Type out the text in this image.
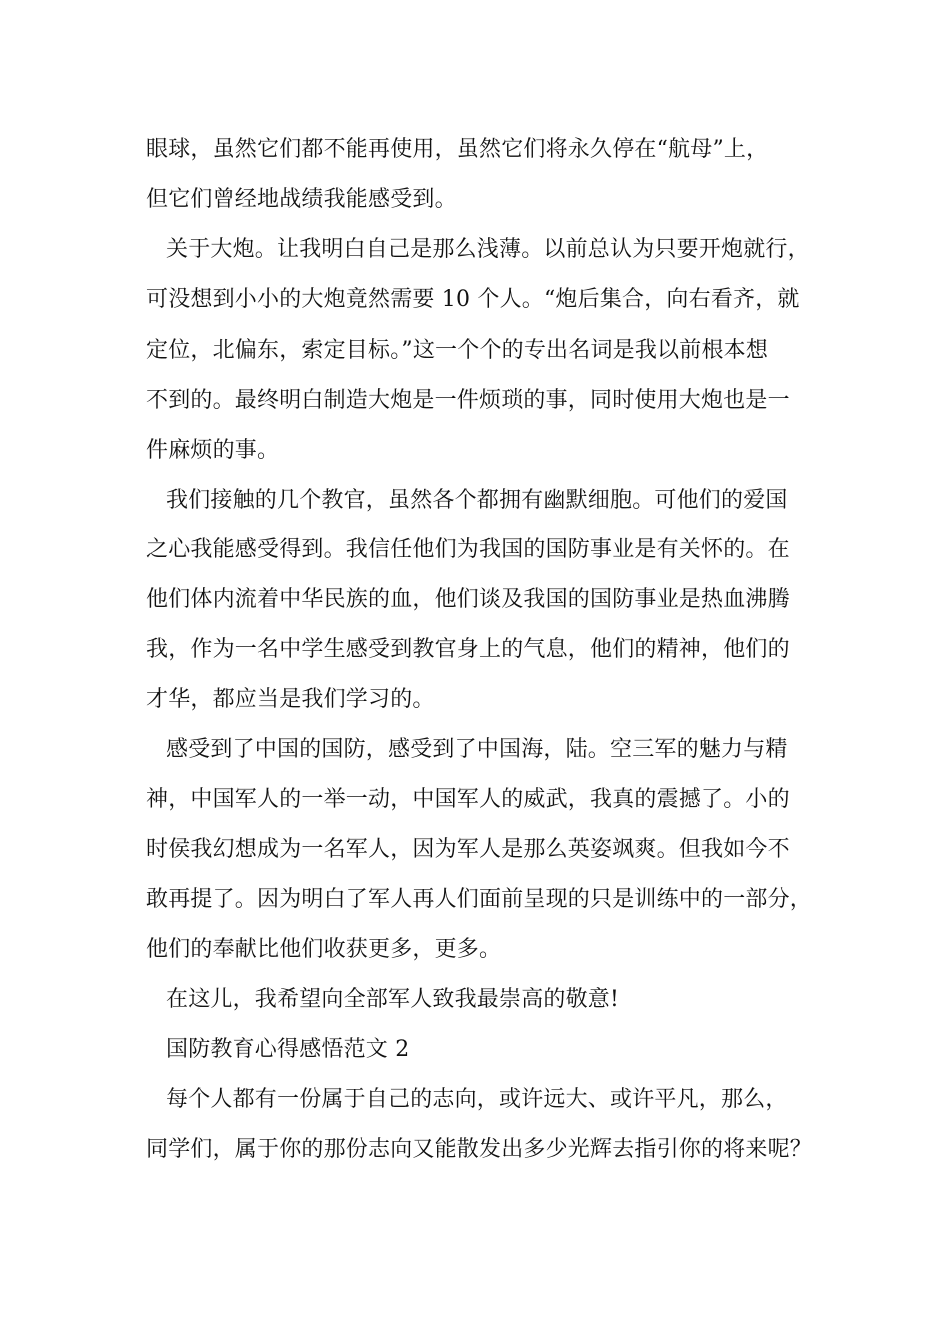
眼球，虽然它们都不能再使用，虽然它们将永久停在“航母”上，
但它们曾经地战绩我能感受到。
关于大炮。让我明白自己是那么浅薄。以前总认为只要开炮就行，
可没想到小小的大炮竟然需要 10 个人。“炮后集合，向右看齐，就
定位，北偏东，索定目标。”这一个个的专出名词是我以前根本想
不到的。最终明白制造大炮是一件烦琐的事，同时使用大炮也是一
件麻烦的事。
我们接触的几个教官，虽然各个都拥有幽默细胞。可他们的爱国
之心我能感受得到。我信任他们为我国的国防事业是有关怀的。在
他们体内流着中华民族的血，他们谈及我国的国防事业是热血沸腾
我，作为一名中学生感受到教官身上的气息，他们的精神，他们的
才华，都应当是我们学习的。
感受到了中国的国防，感受到了中国海，陆。空三军的魅力与精
神，中国军人的一举一动，中国军人的威武，我真的震撼了。小的
时侯我幻想成为一名军人，因为军人是那么英姿飒爽。但我如今不
敢再提了。因为明白了军人再人们面前呈现的只是训练中的一部分，
他们的奉献比他们收获更多，更多。
在这儿，我希望向全部军人致我最崇高的敬意!
国防教育心得感悟范文 2
每个人都有一份属于自己的志向，或许远大、或许平凡，那么，
同学们，属于你的那份志向又能散发出多少光辉去指引你的将来呢？
